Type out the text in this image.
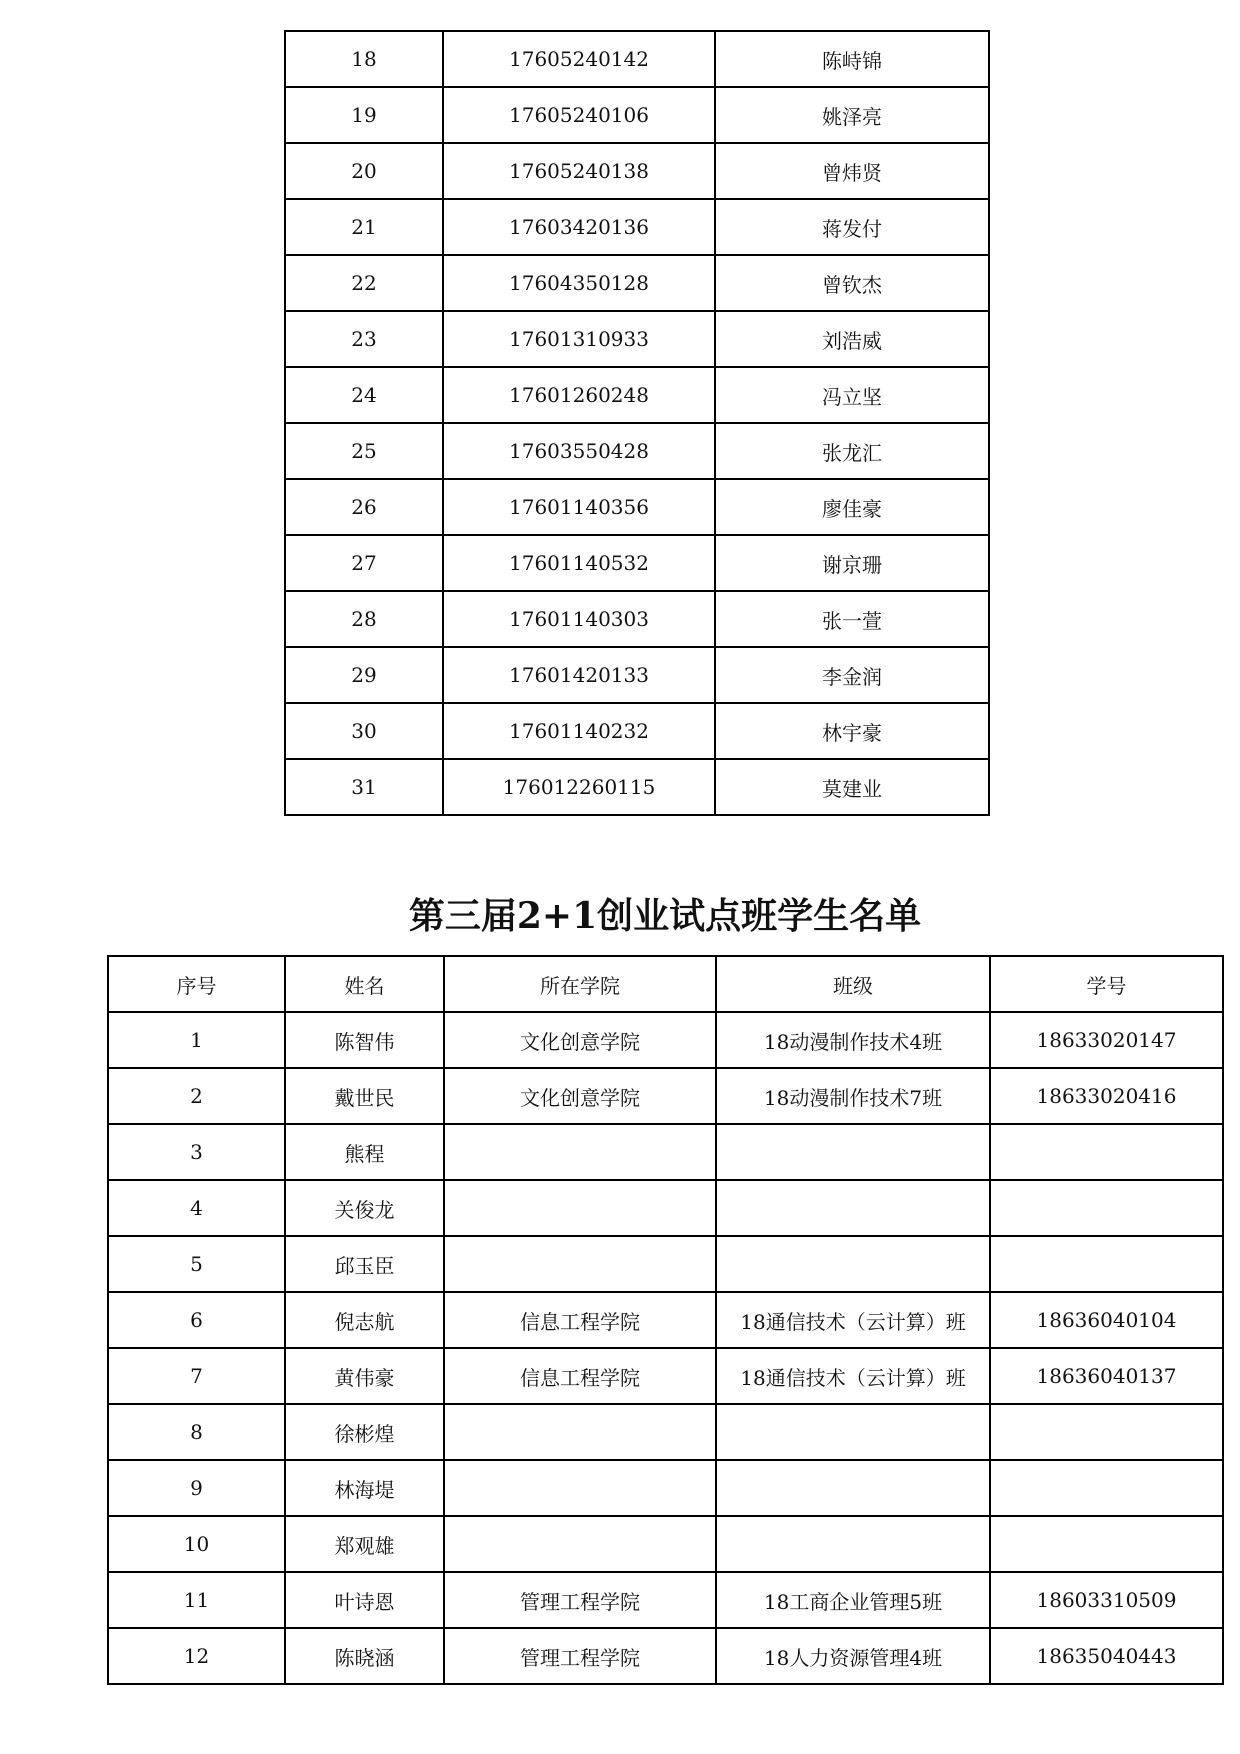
18	17605240142	陈峙锦
19	17605240106	姚泽亮
20	17605240138	曾炜贤
21	17603420136	蒋发付
22	17604350128	曾钦杰
23	17601310933	刘浩威
24	17601260248	冯立坚
25	17603550428	张龙汇
26	17601140356	廖佳豪
27	17601140532	谢京珊
28	17601140303	张一萱
29	17601420133	李金润
30	17601140232	林宇豪
31	176012260115	莫建业
第三届2+1创业试点班学生名单
序号	姓名	所在学院	班级	学号
1	陈智伟	文化创意学院	18动漫制作技术4班	18633020147
2	戴世民	文化创意学院	18动漫制作技术7班	18633020416
3	熊程			
4	关俊龙			
5	邱玉臣			
6	倪志航	信息工程学院	18通信技术（云计算）班	18636040104
7	黄伟豪	信息工程学院	18通信技术（云计算）班	18636040137
8	徐彬煌			
9	林海堤			
10	郑观雄			
11	叶诗恩	管理工程学院	18工商企业管理5班	18603310509
12	陈晓涵	管理工程学院	18人力资源管理4班	18635040443
